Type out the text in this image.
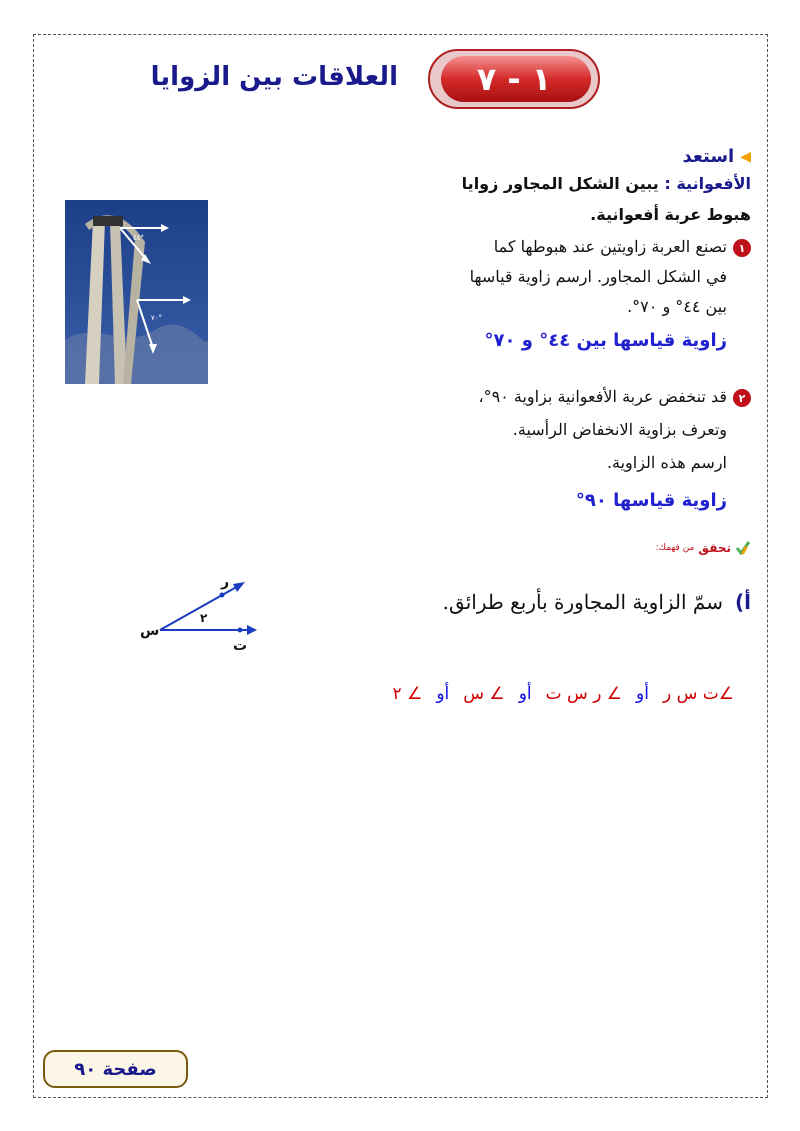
١ - ٧
العلاقات بين الزوايا
◀
استعد
الأفعوانية : يبين الشكل المجاور زوايا
هبوط عربة أفعوانية.
٤٤°
٧٠°
١
تصنع العربة زاويتين عند هبوطها كما
في الشكل المجاور. ارسم زاوية قياسها
بين ٤٤° و ٧٠°.
زاوية قياسها بين ٤٤° و ٧٠°
٢
قد تنخفض عربة الأفعوانية بزاوية ٩٠°،
وتعرف بزاوية الانخفاض الرأسية.
ارسم هذه الزاوية.
زاوية قياسها ٩٠°
تحقق
من فهمك:
أ)
سمّ الزاوية المجاورة بأربع طرائق.
س
ر
ت
٢
∠ت س ر
أو
∠ ر س ت
أو
∠ س
أو
∠ ٢
صفحة ٩٠
